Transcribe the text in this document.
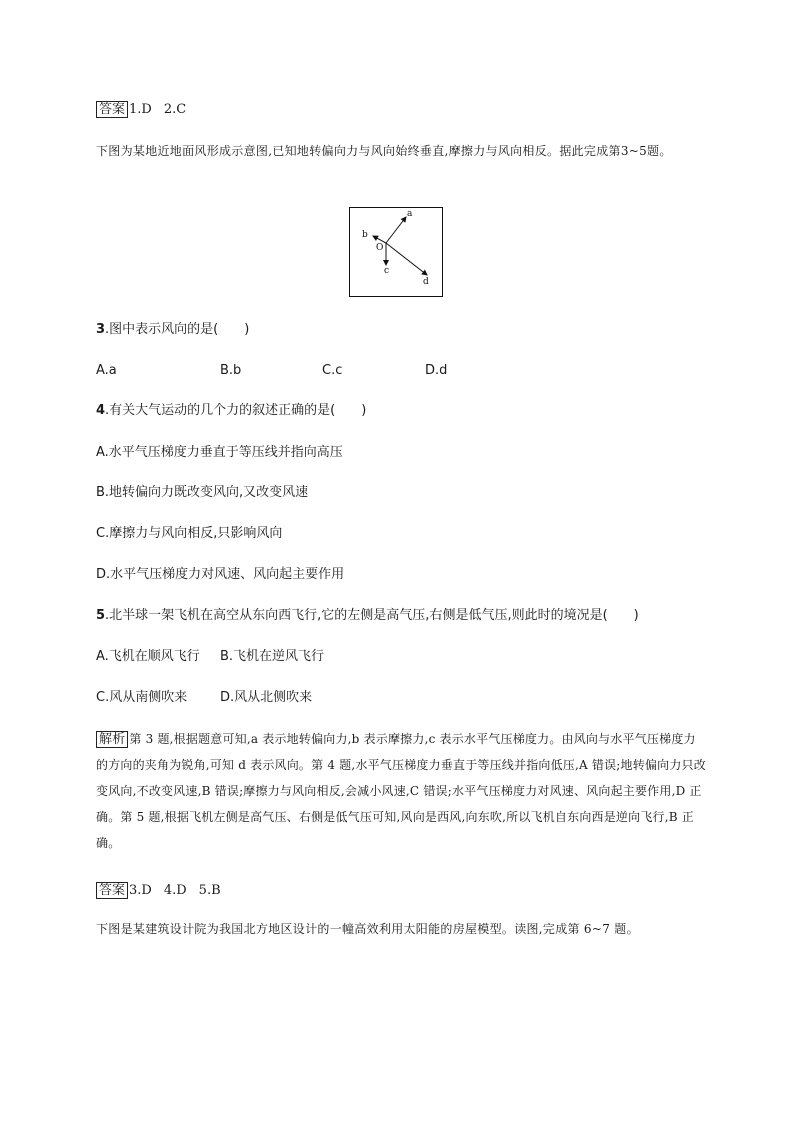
答案 1.D 2.C
下图为某地近地面风形成示意图,已知地转偏向力与风向始终垂直,摩擦力与风向相反。据此完成第3~5题。
a
b
c
d
O
3.图中表示风向的是(　　)
A.a	B.b	C.c	D.d
4.有关大气运动的几个力的叙述正确的是(　　)
A.水平气压梯度力垂直于等压线并指向高压
B.地转偏向力既改变风向,又改变风速
C.摩擦力与风向相反,只影响风向
D.水平气压梯度力对风速、风向起主要作用
5.北半球一架飞机在高空从东向西飞行,它的左侧是高气压,右侧是低气压,则此时的境况是(　　)
A.飞机在顺风飞行 B.飞机在逆风飞行
C.风从南侧吹来	D.风从北侧吹来
解析 第 3 题,根据题意可知,a 表示地转偏向力,b 表示摩擦力,c 表示水平气压梯度力。由风向与水平气压梯度力的方向的夹角为锐角,可知 d 表示风向。第 4 题,水平气压梯度力垂直于等压线并指向低压,A 错误;地转偏向力只改变风向,不改变风速,B 错误;摩擦力与风向相反,会减小风速,C 错误;水平气压梯度力对风速、风向起主要作用,D 正确。第 5 题,根据飞机左侧是高气压、右侧是低气压可知,风向是西风,向东吹,所以飞机自东向西是逆向飞行,B 正确。
答案 3.D 4.D 5.B
下图是某建筑设计院为我国北方地区设计的一幢高效利用太阳能的房屋模型。读图,完成第 6~7 题。
